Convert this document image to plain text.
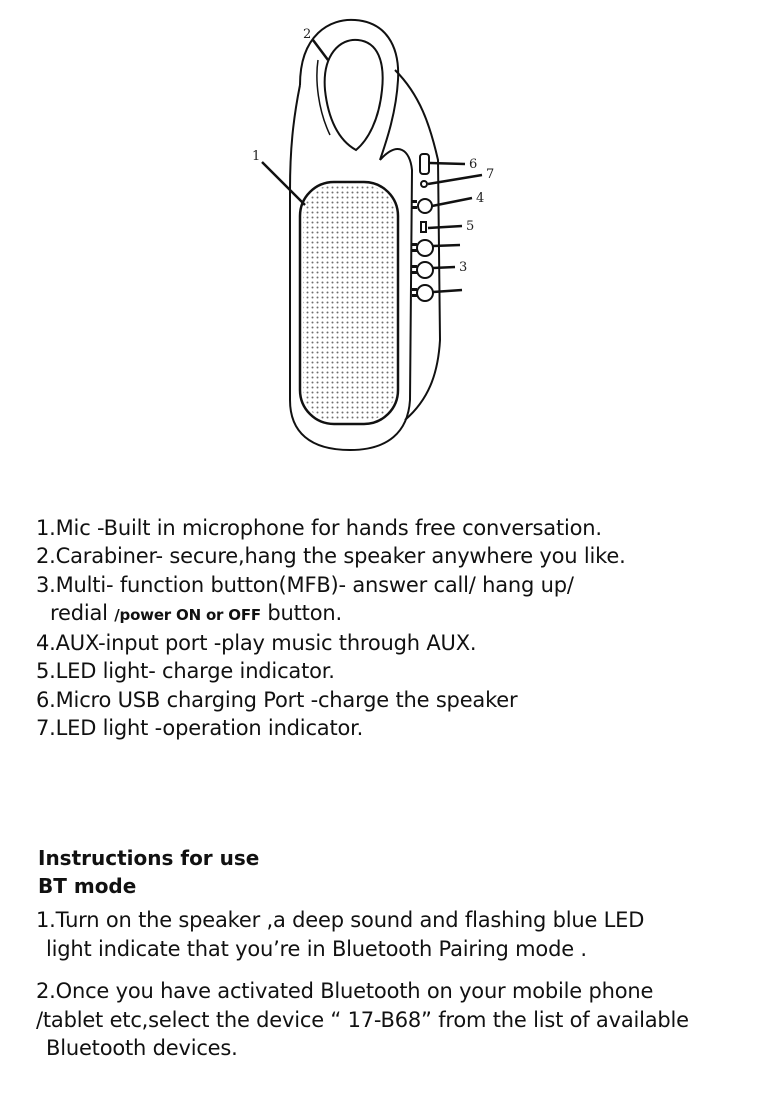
1
2
3
4
5
6
7
1.Mic -Built in microphone for hands free conversation.
2.Carabiner- secure,hang the speaker anywhere you like.
3.Multi- function button(MFB)- answer call/ hang up/
redial /power ON or OFF button.
4.AUX-input port -play music through AUX.
5.LED light- charge indicator.
6.Micro USB charging Port -charge the speaker
7.LED light -operation indicator.
Instructions for use
BT mode
1.Turn on the speaker ,a deep sound and flashing blue LED
light indicate that you’re in Bluetooth Pairing mode .
2.Once you have activated Bluetooth on your mobile phone
/tablet etc,select the device “ 17-B68” from the list of available
Bluetooth devices.
